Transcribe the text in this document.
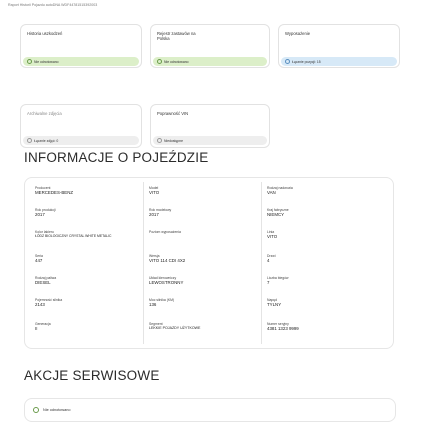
Raport Historii Pojazdu autoDNA WDF44781515392003
Historia uszkodzeń
Nie odnotowano
Rejestr zastawów na Polska
Nie odnotowano
Wyposażenie
Łącznie pozycji: 15
Archiwalne zdjęcia
Łącznie zdjęć: 0
Poprawność VIN
Niedostępne
INFORMACJE O POJEŹDZIE
Producent
MERCEDES-BENZ
Model
VITO
Rodzaj nadwozia
VAN
Rok produkcji
2017
Rok modelowy
2017
Kraj fabryczne
NIEMCY
Kolor lakieru
ŁÓDZ BIOLOGICZNY CRYSTAL WHITE METALIC
Poziom wyposażenia	Linia
VITO
Seria
447
Wersja
VITO 114 CDI 4X2
Drzwi
4
Rodzaj paliwa
DIESEL
Układ kierowniczy
LEWOSTRONNY
Liczba biegów
7
Pojemność silnika
2143
Moc silnika (KM)
136
Napęd
TYLNY
Generacja
II
Segment
LEKKIE POJAZDY UŻYTKOWE
Numer seryjny
4381 1323 9999
AKCJE SERWISOWE
Nie odnotowano
